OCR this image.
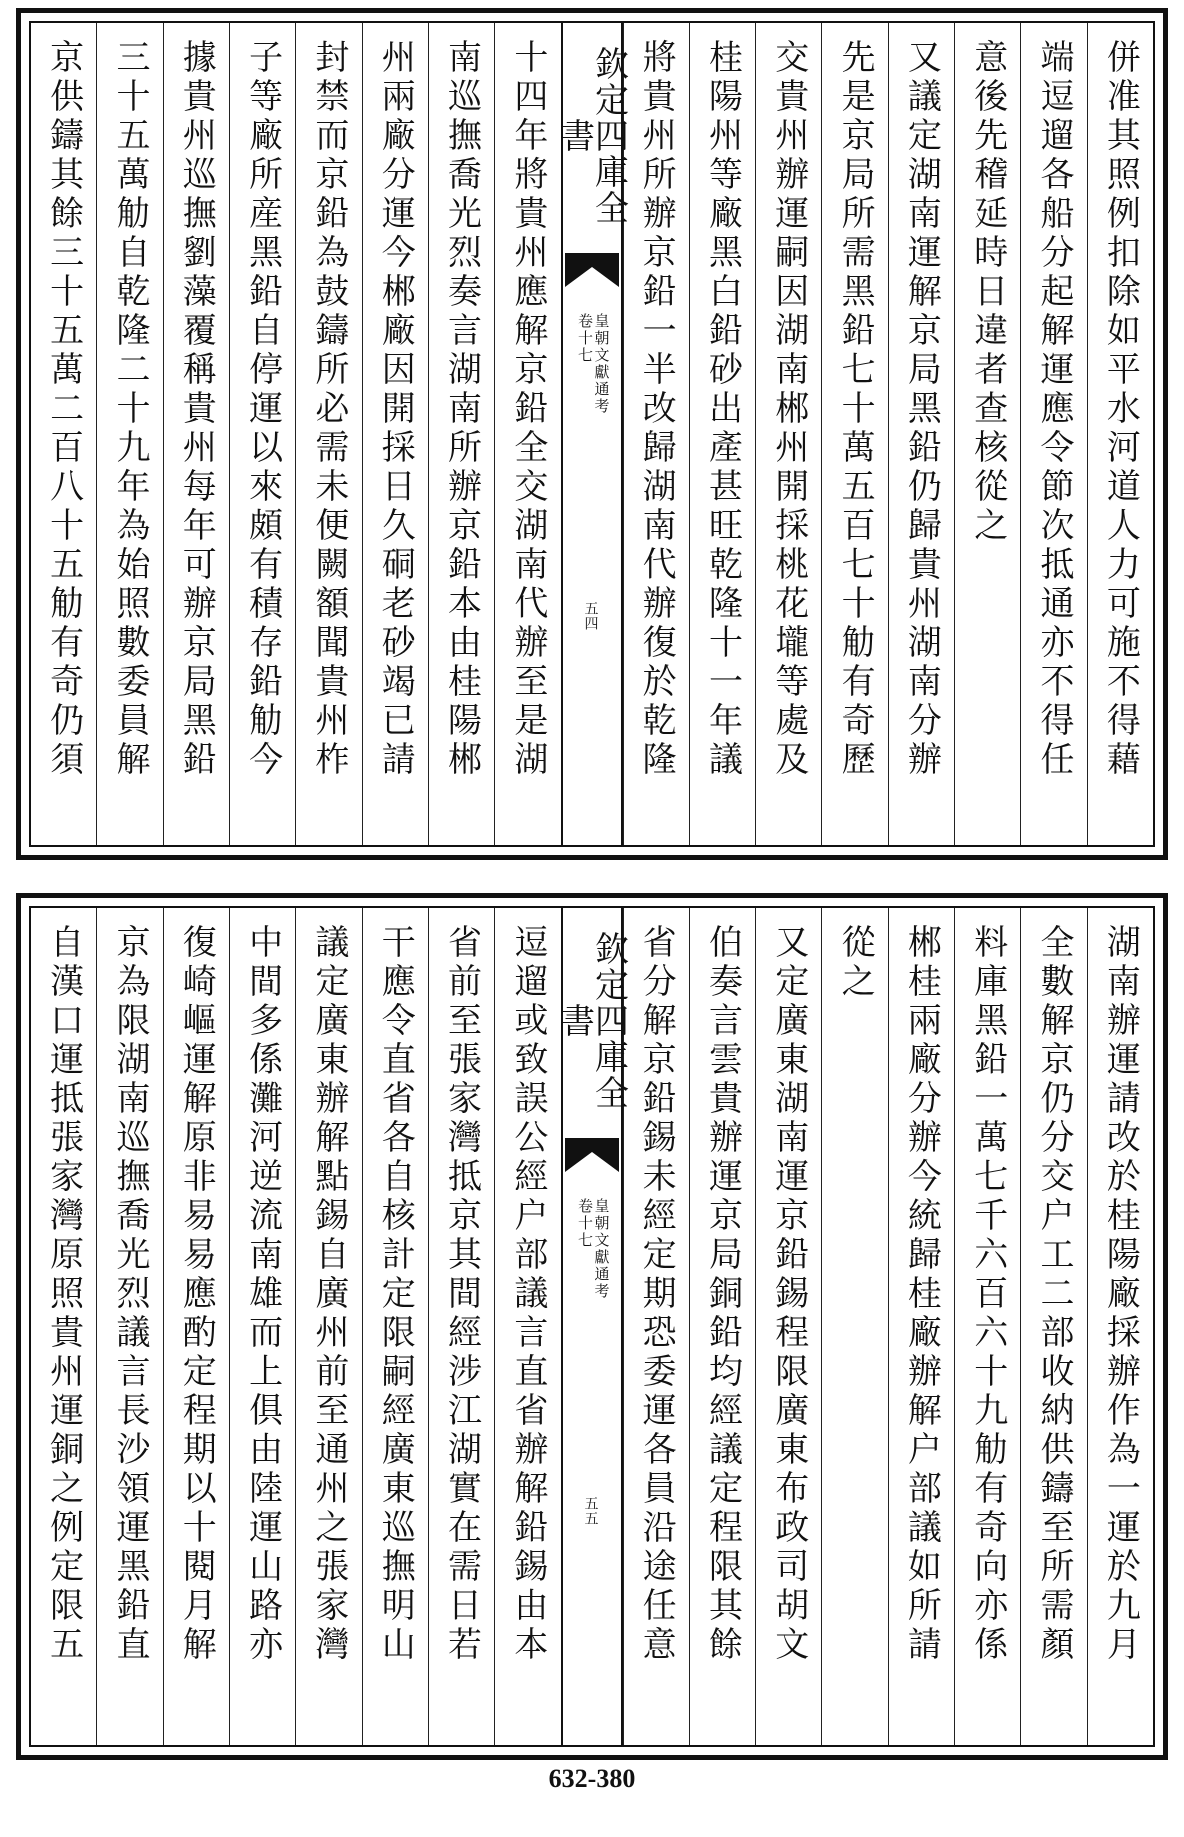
併准其照例扣除如平水河道人力可施不得藉
端逗遛各船分起解運應令節次抵通亦不得任
意後先稽延時日違者查核從之
又議定湖南運解京局黑鉛仍歸貴州湖南分辦
先是京局所需黑鉛七十萬五百七十觔有奇歷
交貴州辦運嗣因湖南郴州開採桃花壠等處及
桂陽州等廠黑白鉛砂出產甚旺乾隆十一年議
將貴州所辦京鉛一半改歸湖南代辦復於乾隆
欽定四庫全書
皇朝文獻通考
卷十七
五四
十四年將貴州應解京鉛全交湖南代辦至是湖
南巡撫喬光烈奏言湖南所辦京鉛本由桂陽郴
州兩廠分運今郴廠因開採日久硐老砂竭已請
封禁而京鉛為鼓鑄所必需未便闕額聞貴州柞
子等廠所産黑鉛自停運以來頗有積存鉛觔今
據貴州巡撫劉藻覆稱貴州每年可辦京局黑鉛
三十五萬觔自乾隆二十九年為始照數委員解
京供鑄其餘三十五萬二百八十五觔有奇仍須
湖南辦運請改於桂陽廠採辦作為一運於九月
全數解京仍分交户工二部收納供鑄至所需顏
料庫黑鉛一萬七千六百六十九觔有奇向亦係
郴桂兩廠分辦今統歸桂廠辦解户部議如所請
從之
又定廣東湖南運京鉛錫程限廣東布政司胡文
伯奏言雲貴辦運京局銅鉛均經議定程限其餘
省分解京鉛錫未經定期恐委運各員沿途任意
欽定四庫全書
皇朝文獻通考
卷十七
五五
逗遛或致誤公經户部議言直省辦解鉛錫由本
省前至張家灣抵京其間經涉江湖實在需日若
干應令直省各自核計定限嗣經廣東巡撫明山
議定廣東辦解點錫自廣州前至通州之張家灣
中間多係灘河逆流南雄而上俱由陸運山路亦
復崎嶇運解原非易易應酌定程期以十閱月解
京為限湖南巡撫喬光烈議言長沙領運黑鉛直
自漢口運抵張家灣原照貴州運銅之例定限五
632-380
